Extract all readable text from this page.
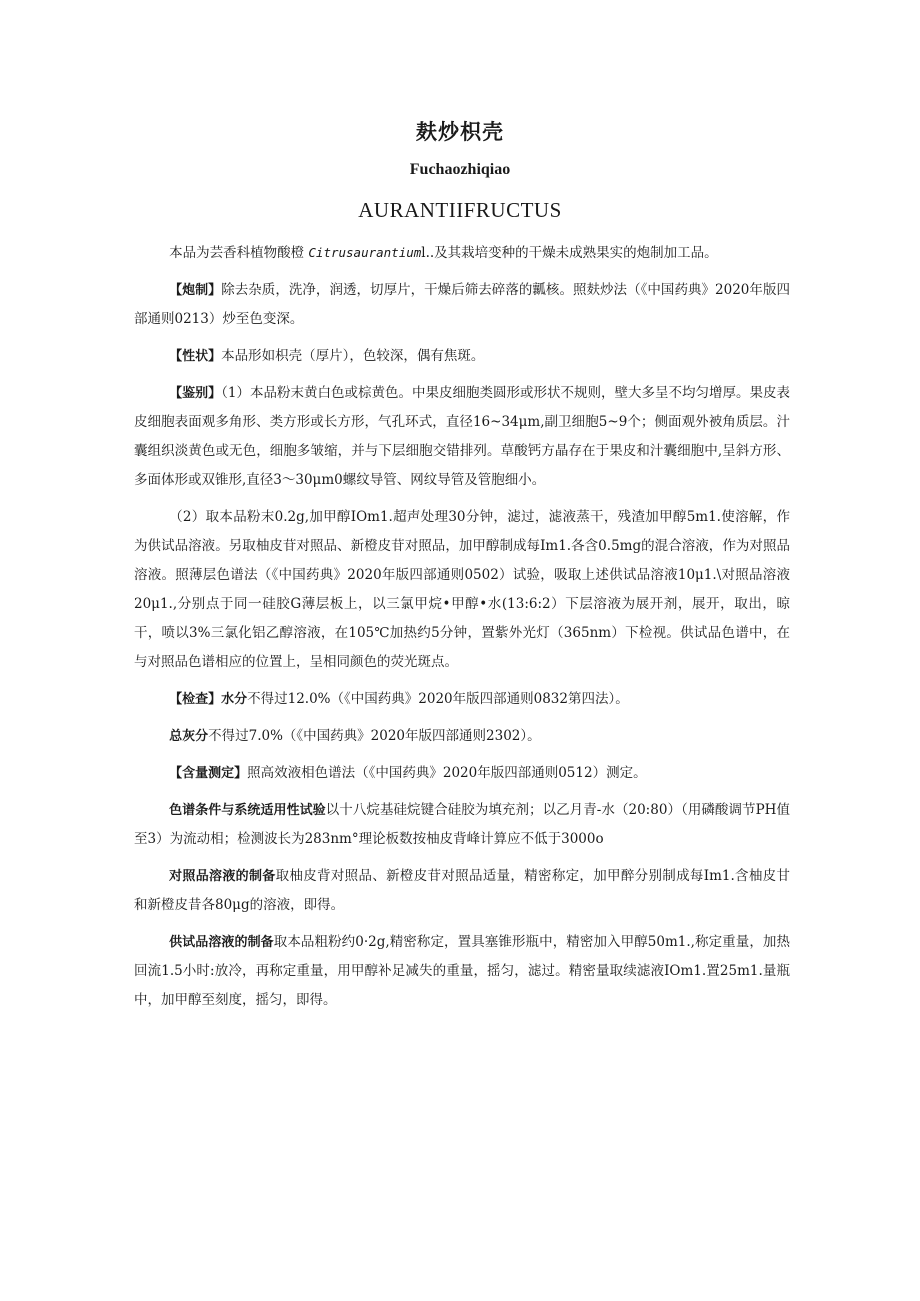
麸炒枳壳
Fuchaozhiqiao
AURANTIIFRUCTUS

本品为芸香科植物酸橙 Citrusaurantiuml..及其栽培变种的干燥未成熟果实的炮制加工品。

【炮制】除去杂质，洗净，润透，切厚片，干燥后筛去碎落的瓤核。照麸炒法（《中国药典》2020年版四部通则0213）炒至色变深。

【性状】本品形如枳壳（厚片），色较深，偶有焦斑。

【鉴别】（1）本品粉末黄白色或棕黄色。中果皮细胞类圆形或形状不规则，壁大多呈不均匀增厚。果皮表皮细胞表面观多角形、类方形或长方形，气孔环式，直径16~34μm,副卫细胞5~9个；侧面观外被角质层。汁囊组织淡黄色或无色，细胞多皱缩，并与下层细胞交错排列。草酸钙方晶存在于果皮和汁囊细胞中,呈斜方形、多面体形或双锥形,直径3～30μm0螺纹导管、网纹导管及管胞细小。

（2）取本品粉末0.2g,加甲醇IOm1.超声处理30分钟，滤过，滤液蒸干，残渣加甲醇5m1.使溶解，作为供试品溶液。另取柚皮苷对照品、新橙皮苷对照品，加甲醇制成每Im1.各含0.5mg的混合溶液，作为对照品溶液。照薄层色谱法（《中国药典》2020年版四部通则0502）试验，吸取上述供试品溶液10μ1.\对照品溶液20μ1.,分别点于同一硅胶G薄层板上，以三氯甲烷•甲醇•水(13:6:2）下层溶液为展开剂，展开，取出，晾干，喷以3%三氯化铝乙醇溶液，在105℃加热约5分钟，置紫外光灯（365nm）下检视。供试品色谱中，在与对照品色谱相应的位置上，呈相同颜色的荧光斑点。

【检查】水分不得过12.0%（《中国药典》2020年版四部通则0832第四法）。

总灰分不得过7.0%（《中国药典》2020年版四部通则2302）。

【含量测定】照高效液相色谱法（《中国药典》2020年版四部通则0512）测定。

色谱条件与系统适用性试验以十八烷基硅烷键合硅胶为填充剂；以乙月青-水（20:80）（用磷酸调节PH值至3）为流动相；检测波长为283nm°理论板数按柚皮背峰计算应不低于3000o

对照品溶液的制备取柚皮背对照品、新橙皮苷对照品适量，精密称定，加甲醉分别制成每Im1.含柚皮甘和新橙皮昔各80μg的溶液，即得。

供试品溶液的制备取本品粗粉约0·2g,精密称定，置具塞锥形瓶中，精密加入甲醇50m1.,称定重量，加热回流1.5小时:放冷，再称定重量，用甲醇补足减失的重量，摇匀，滤过。精密量取续滤液IOm1.置25m1.量瓶中，加甲醇至刻度，摇匀，即得。
